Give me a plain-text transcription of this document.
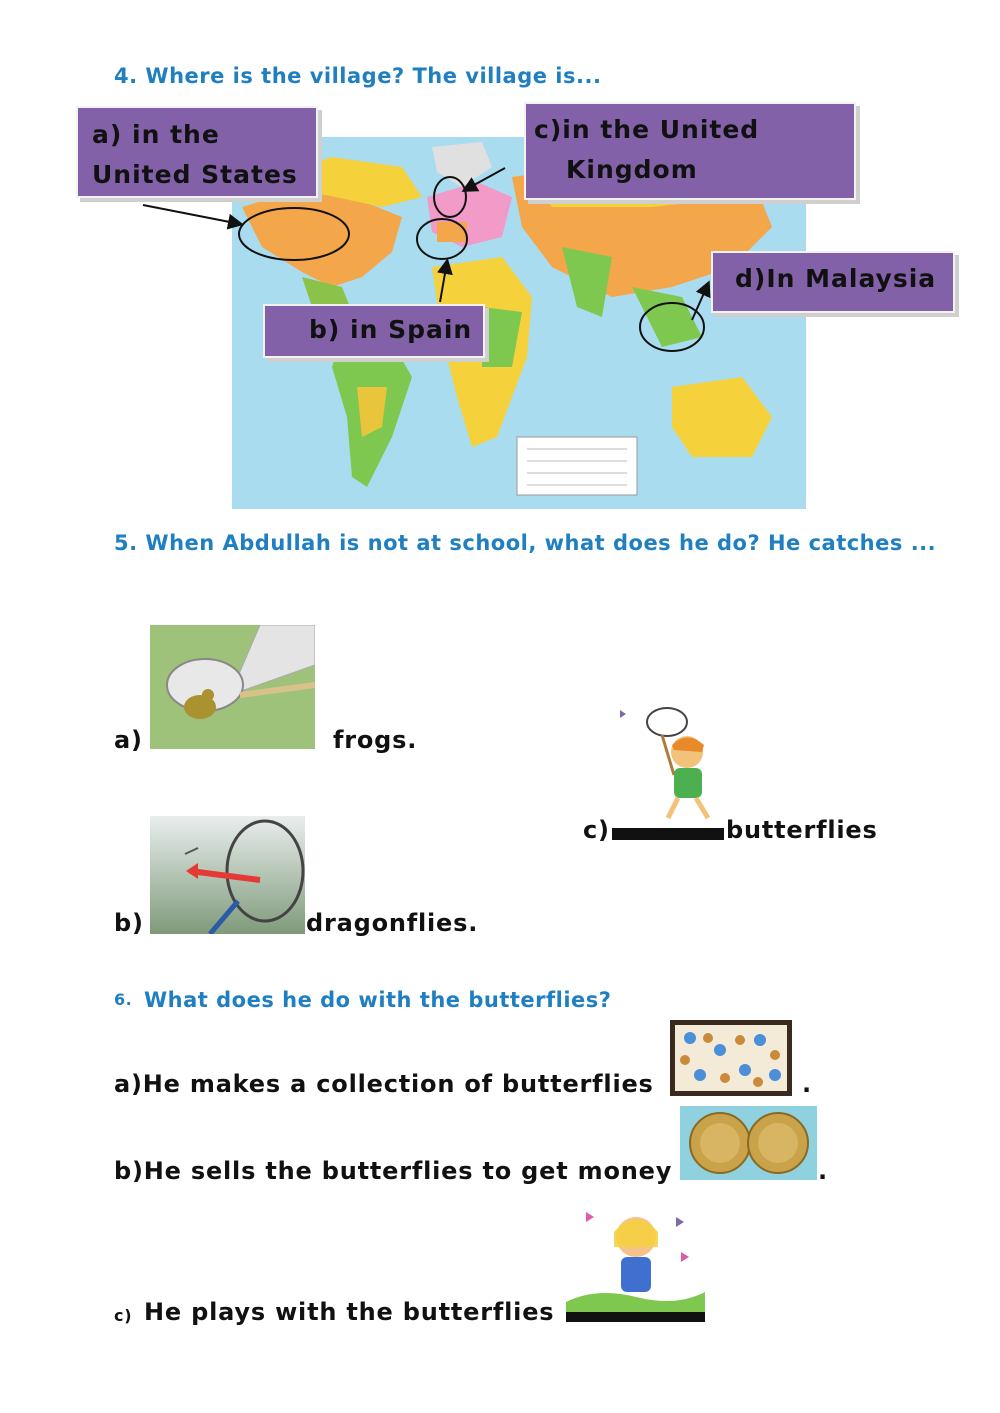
4. Where is the village? The village is...
a) in the
United States
c)in the United
Kingdom
d)In Malaysia
b) in Spain
5. When Abdullah is not at school, what does he do? He catches ...
a)	frogs.
c)	butterflies
b)	dragonflies.
6. What does he do with the butterflies?
a)He makes a collection of butterflies	.
b)He sells the butterflies to get money	.
c) He plays with the butterflies
